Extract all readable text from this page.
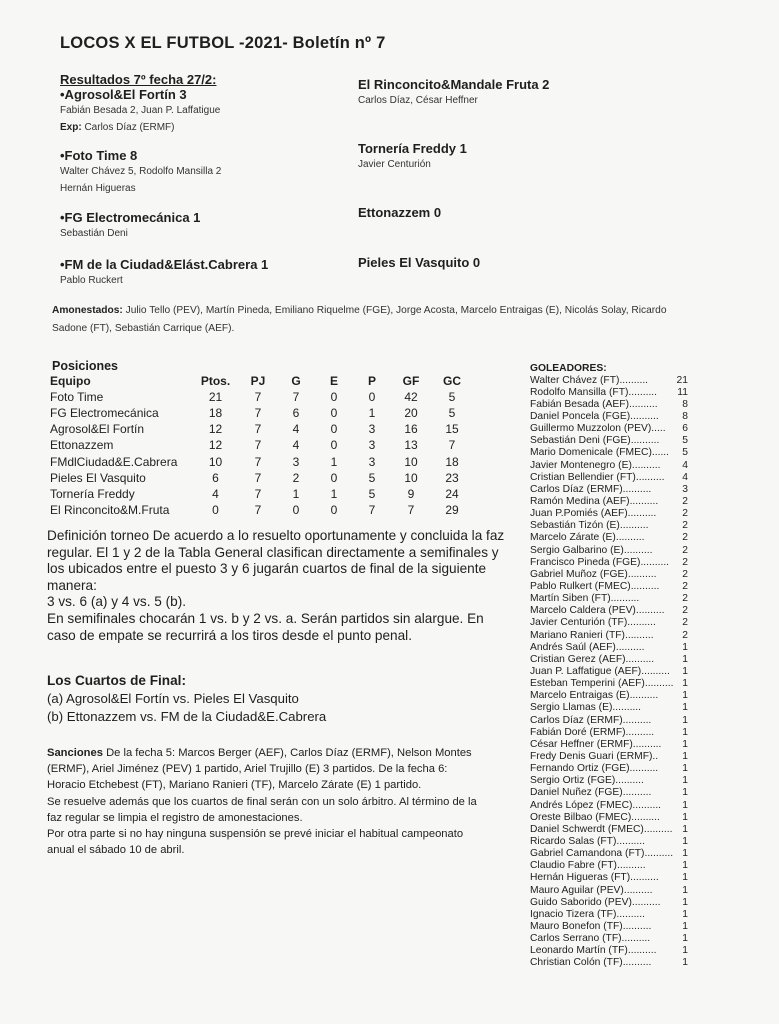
LOCOS X EL FUTBOL -2021- Boletín nº 7
Resultados 7º fecha 27/2:
•Agrosol&El Fortín 3
Fabián Besada 2, Juan P. Laffatigue
Exp: Carlos Díaz (ERMF)
El Rinconcito&Mandale Fruta 2
Carlos Díaz, César Heffner
•Foto Time 8
Walter Chávez 5, Rodolfo Mansilla 2
Hernán Higueras
Tornería Freddy 1
Javier Centurión
•FG Electromecánica 1
Sebastián Deni
Ettonazzem 0
•FM de la Ciudad&Elást.Cabrera 1
Pablo Ruckert
Pieles El Vasquito 0
Amonestados: Julio Tello (PEV), Martín Pineda, Emiliano Riquelme (FGE), Jorge Acosta, Marcelo Entraigas (E), Nicolás Solay, Ricardo Sadone (FT), Sebastián Carrique (AEF).
Posiciones
Equipo	Ptos.	PJ	G	E	P	GF	GC
Foto Time	21	7	7	0	0	42	5
FG Electromecánica	18	7	6	0	1	20	5
Agrosol&El Fortín	12	7	4	0	3	16	15
Ettonazzem	12	7	4	0	3	13	7
FMdlCiudad&E.Cabrera	10	7	3	1	3	10	18
Pieles El Vasquito	6	7	2	0	5	10	23
Tornería Freddy	4	7	1	1	5	9	24
El Rinconcito&M.Fruta	0	7	0	0	7	7	29

Definición torneo De acuerdo a lo resuelto oportunamente y concluida la faz regular. El 1 y 2 de la Tabla General clasifican directamente a semifinales y los ubicados entre el puesto 3 y 6 jugarán cuartos de final de la siguiente manera:

3 vs. 6 (a) y 4 vs. 5 (b).

En semifinales chocarán 1 vs. b y 2 vs. a. Serán partidos sin alargue. En caso de empate se recurrirá a los tiros desde el punto penal.

Los Cuartos de Final:
(a) Agrosol&El Fortín vs. Pieles El Vasquito
(b) Ettonazzem vs. FM de la Ciudad&E.Cabrera

Sanciones De la fecha 5: Marcos Berger (AEF), Carlos Díaz (ERMF), Nelson Montes (ERMF), Ariel Jiménez (PEV) 1 partido, Ariel Trujillo (E) 3 partidos. De la fecha 6: Horacio Etchebest (FT), Mariano Ranieri (TF), Marcelo Zárate (E) 1 partido.

Se resuelve además que los cuartos de final serán con un solo árbitro. Al término de la faz regular se limpia el registro de amonestaciones.

Por otra parte si no hay ninguna suspensión se prevé iniciar el habitual campeonato anual el sábado 10 de abril.

GOLEADORES:
Walter Chávez (FT)..........	21
Rodolfo Mansilla (FT)..........	11
Fabián Besada (AEF)..........	8
Daniel Poncela (FGE)..........	8
Guillermo Muzzolon (PEV).....	6
Sebastián Deni (FGE)..........	5
Mario Domenicale (FMEC)......	5
Javier Montenegro (E)..........	4
Cristian Bellendier (FT)..........	4
Carlos Díaz (ERMF)..........	3
Ramón Medina (AEF)..........	2
Juan P.Pomiés (AEF)..........	2
Sebastián Tizón (E)..........	2
Marcelo Zárate (E)..........	2
Sergio Galbarino (E)..........	2
Francisco Pineda (FGE)..........	2
Gabriel Muñoz (FGE)..........	2
Pablo Rulkert (FMEC)..........	2
Martín Siben (FT)..........	2
Marcelo Caldera (PEV)..........	2
Javier Centurión (TF)..........	2
Mariano Ranieri (TF)..........	2
Andrés Saúl (AEF)..........	1
Cristian Gerez (AEF)..........	1
Juan P. Laffatigue (AEF)..........	1
Esteban Temperini (AEF).......... 1
Marcelo Entraigas (E)..........	1
Sergio Llamas (E)..........	1
Carlos Díaz (ERMF)..........	1
Fabián Doré (ERMF)..........	1
César Heffner (ERMF)..........	1
Fredy Denis Guari (ERMF)..	1
Fernando Ortiz (FGE)..........	1
Sergio Ortiz (FGE)..........	1
Daniel Nuñez (FGE)..........	1
Andrés López (FMEC)..........	1
Oreste Bilbao (FMEC)..........	1
Daniel Schwerdt (FMEC).......... 1
Ricardo Salas (FT)..........	1
Gabriel Camandona (FT).......... 1
Claudio Fabre (FT)..........	1
Hernán Higueras (FT)..........	1
Mauro Aguilar (PEV)..........	1
Guido Saborido (PEV)..........	1
Ignacio Tizera (TF)..........	1
Mauro Bonefon (TF)..........	1
Carlos Serrano (TF)..........	1
Leonardo Martín (TF)..........	1
Christian Colón (TF)..........	1
